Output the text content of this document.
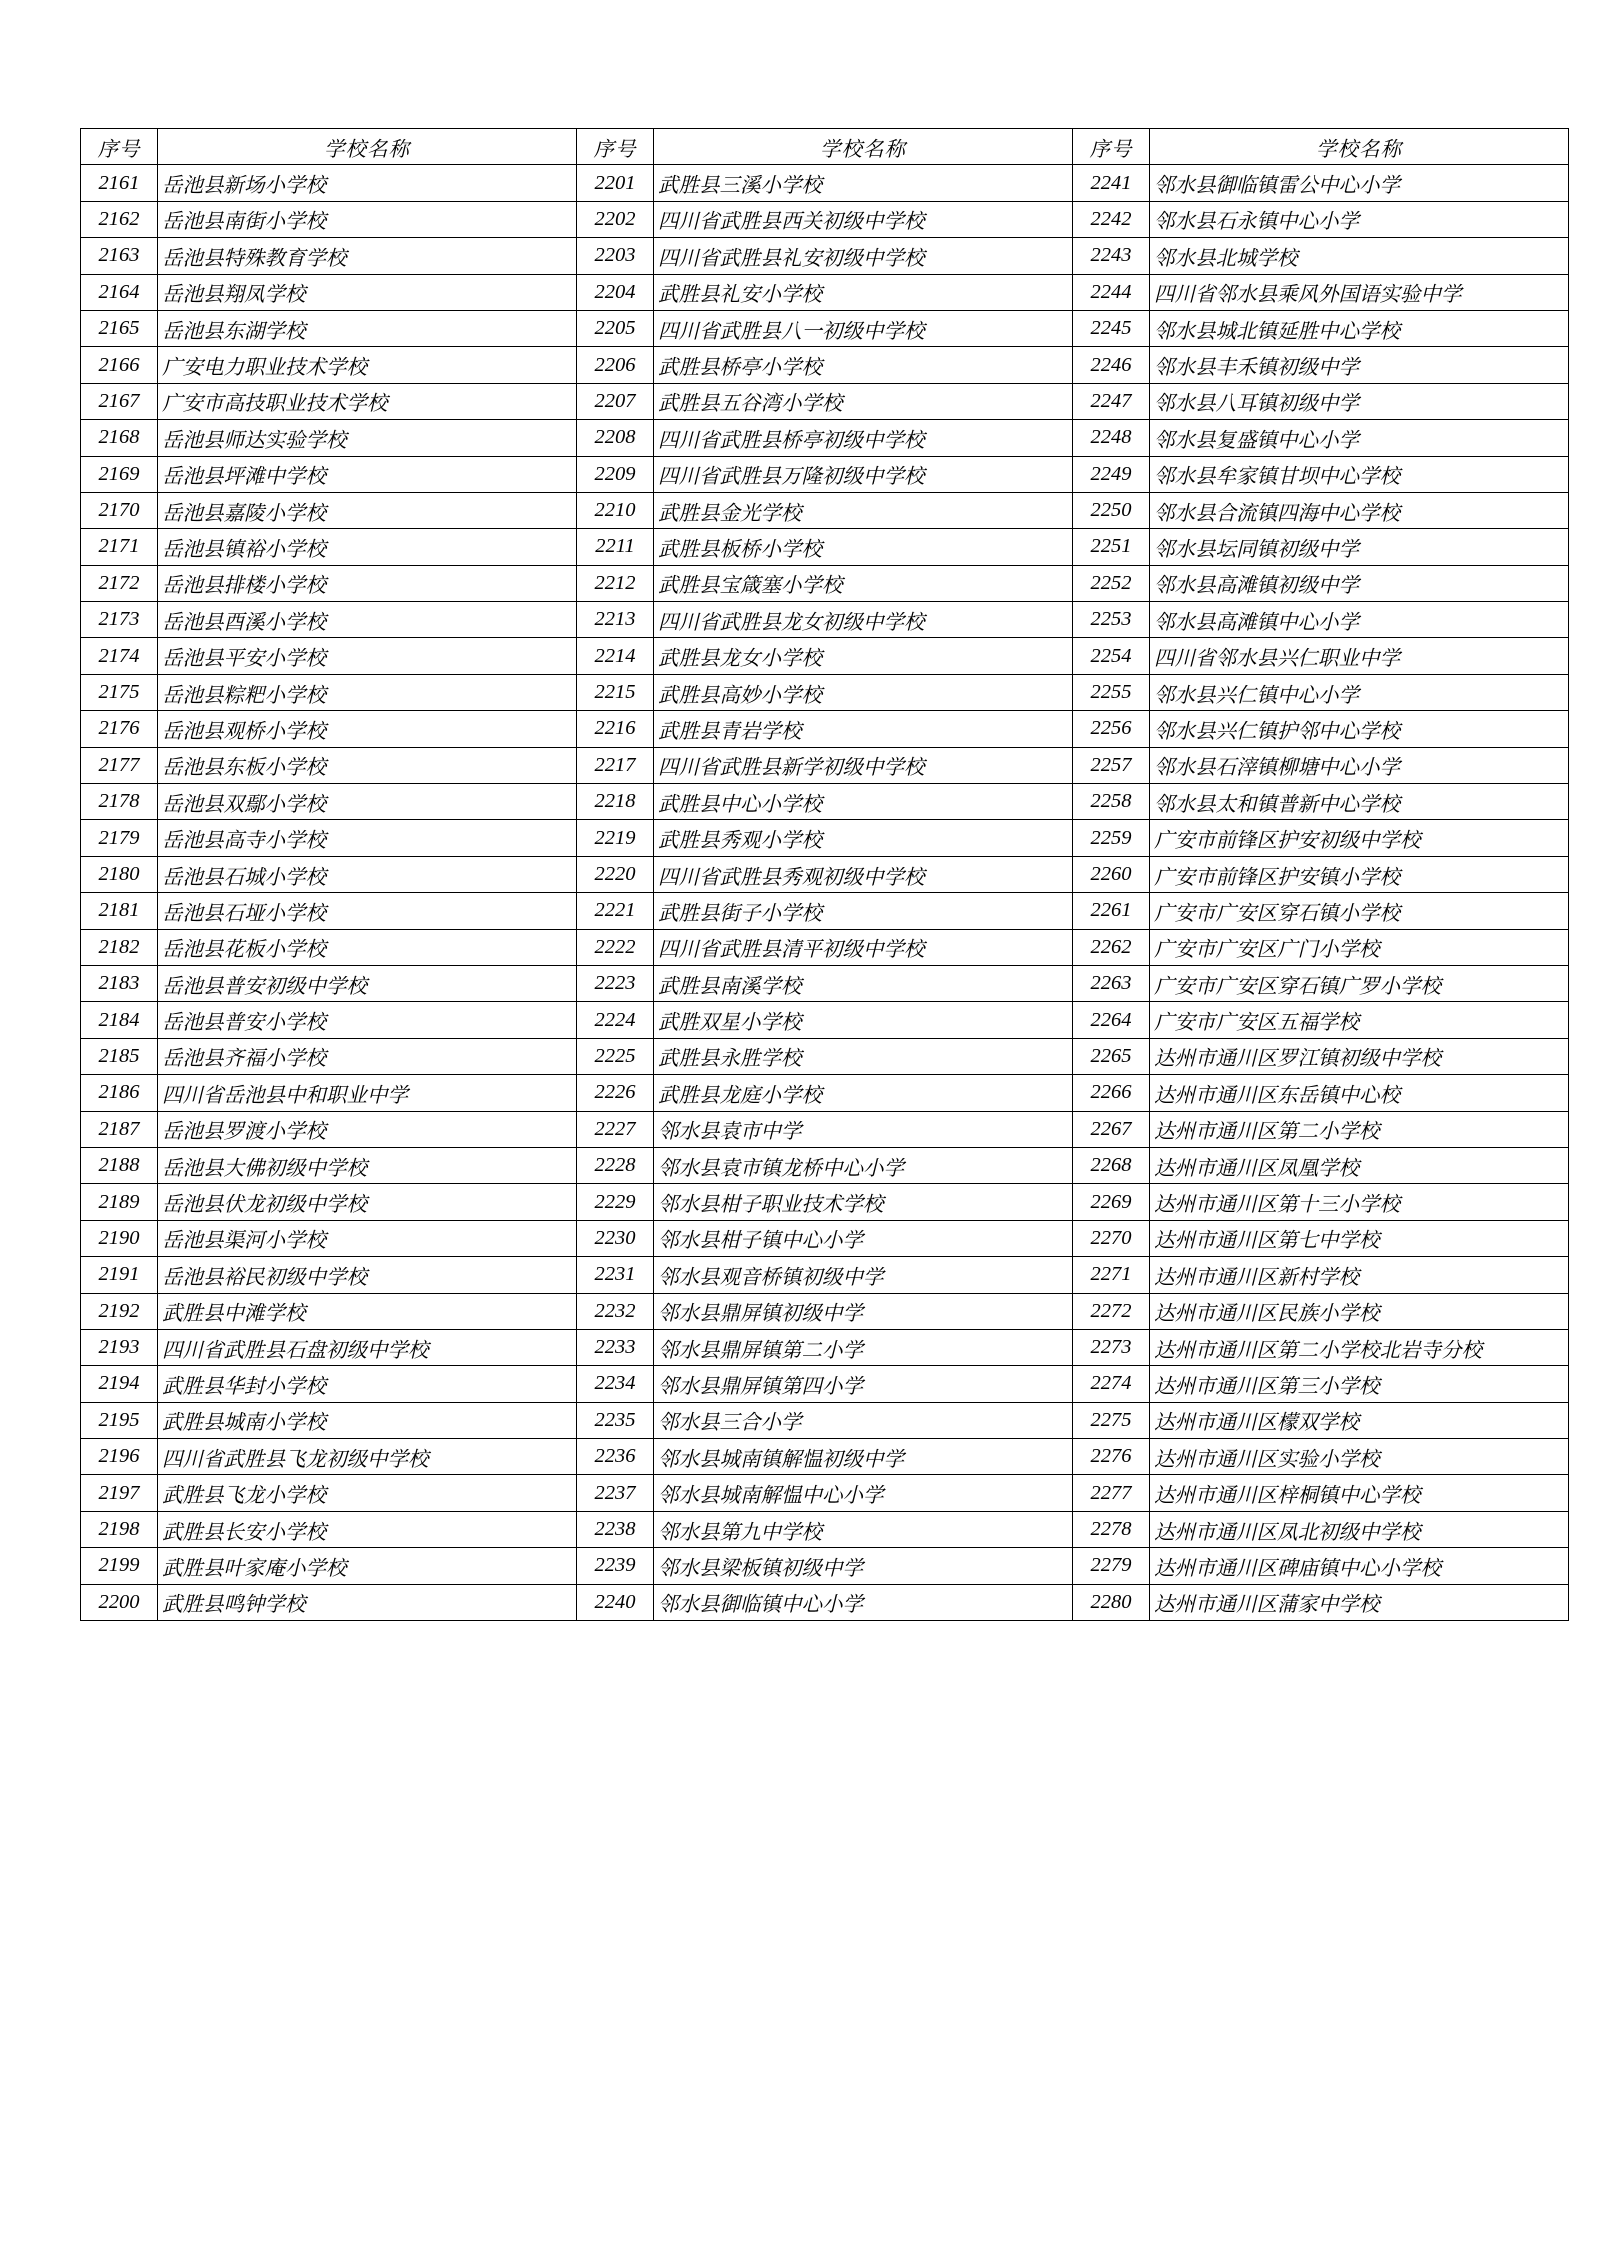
序号	学校名称	序号	学校名称	序号	学校名称
2161	岳池县新场小学校	2201	武胜县三溪小学校	2241	邻水县御临镇雷公中心小学
2162	岳池县南街小学校	2202	四川省武胜县西关初级中学校	2242	邻水县石永镇中心小学
2163	岳池县特殊教育学校	2203	四川省武胜县礼安初级中学校	2243	邻水县北城学校
2164	岳池县翔凤学校	2204	武胜县礼安小学校	2244	四川省邻水县乘风外国语实验中学
2165	岳池县东湖学校	2205	四川省武胜县八一初级中学校	2245	邻水县城北镇延胜中心学校
2166	广安电力职业技术学校	2206	武胜县桥亭小学校	2246	邻水县丰禾镇初级中学
2167	广安市高技职业技术学校	2207	武胜县五谷湾小学校	2247	邻水县八耳镇初级中学
2168	岳池县师达实验学校	2208	四川省武胜县桥亭初级中学校	2248	邻水县复盛镇中心小学
2169	岳池县坪滩中学校	2209	四川省武胜县万隆初级中学校	2249	邻水县牟家镇甘坝中心学校
2170	岳池县嘉陵小学校	2210	武胜县金光学校	2250	邻水县合流镇四海中心学校
2171	岳池县镇裕小学校	2211	武胜县板桥小学校	2251	邻水县坛同镇初级中学
2172	岳池县排楼小学校	2212	武胜县宝箴塞小学校	2252	邻水县高滩镇初级中学
2173	岳池县酉溪小学校	2213	四川省武胜县龙女初级中学校	2253	邻水县高滩镇中心小学
2174	岳池县平安小学校	2214	武胜县龙女小学校	2254	四川省邻水县兴仁职业中学
2175	岳池县粽粑小学校	2215	武胜县高妙小学校	2255	邻水县兴仁镇中心小学
2176	岳池县观桥小学校	2216	武胜县青岩学校	2256	邻水县兴仁镇护邻中心学校
2177	岳池县东板小学校	2217	四川省武胜县新学初级中学校	2257	邻水县石滓镇柳塘中心小学
2178	岳池县双鄢小学校	2218	武胜县中心小学校	2258	邻水县太和镇普新中心学校
2179	岳池县高寺小学校	2219	武胜县秀观小学校	2259	广安市前锋区护安初级中学校
2180	岳池县石城小学校	2220	四川省武胜县秀观初级中学校	2260	广安市前锋区护安镇小学校
2181	岳池县石垭小学校	2221	武胜县街子小学校	2261	广安市广安区穿石镇小学校
2182	岳池县花板小学校	2222	四川省武胜县清平初级中学校	2262	广安市广安区广门小学校
2183	岳池县普安初级中学校	2223	武胜县南溪学校	2263	广安市广安区穿石镇广罗小学校
2184	岳池县普安小学校	2224	武胜双星小学校	2264	广安市广安区五福学校
2185	岳池县齐福小学校	2225	武胜县永胜学校	2265	达州市通川区罗江镇初级中学校
2186	四川省岳池县中和职业中学	2226	武胜县龙庭小学校	2266	达州市通川区东岳镇中心校
2187	岳池县罗渡小学校	2227	邻水县袁市中学	2267	达州市通川区第二小学校
2188	岳池县大佛初级中学校	2228	邻水县袁市镇龙桥中心小学	2268	达州市通川区凤凰学校
2189	岳池县伏龙初级中学校	2229	邻水县柑子职业技术学校	2269	达州市通川区第十三小学校
2190	岳池县渠河小学校	2230	邻水县柑子镇中心小学	2270	达州市通川区第七中学校
2191	岳池县裕民初级中学校	2231	邻水县观音桥镇初级中学	2271	达州市通川区新村学校
2192	武胜县中滩学校	2232	邻水县鼎屏镇初级中学	2272	达州市通川区民族小学校
2193	四川省武胜县石盘初级中学校	2233	邻水县鼎屏镇第二小学	2273	达州市通川区第二小学校北岩寺分校
2194	武胜县华封小学校	2234	邻水县鼎屏镇第四小学	2274	达州市通川区第三小学校
2195	武胜县城南小学校	2235	邻水县三合小学	2275	达州市通川区檬双学校
2196	四川省武胜县飞龙初级中学校	2236	邻水县城南镇解愠初级中学	2276	达州市通川区实验小学校
2197	武胜县飞龙小学校	2237	邻水县城南解愠中心小学	2277	达州市通川区梓桐镇中心学校
2198	武胜县长安小学校	2238	邻水县第九中学校	2278	达州市通川区凤北初级中学校
2199	武胜县叶家庵小学校	2239	邻水县梁板镇初级中学	2279	达州市通川区碑庙镇中心小学校
2200	武胜县鸣钟学校	2240	邻水县御临镇中心小学	2280	达州市通川区蒲家中学校
